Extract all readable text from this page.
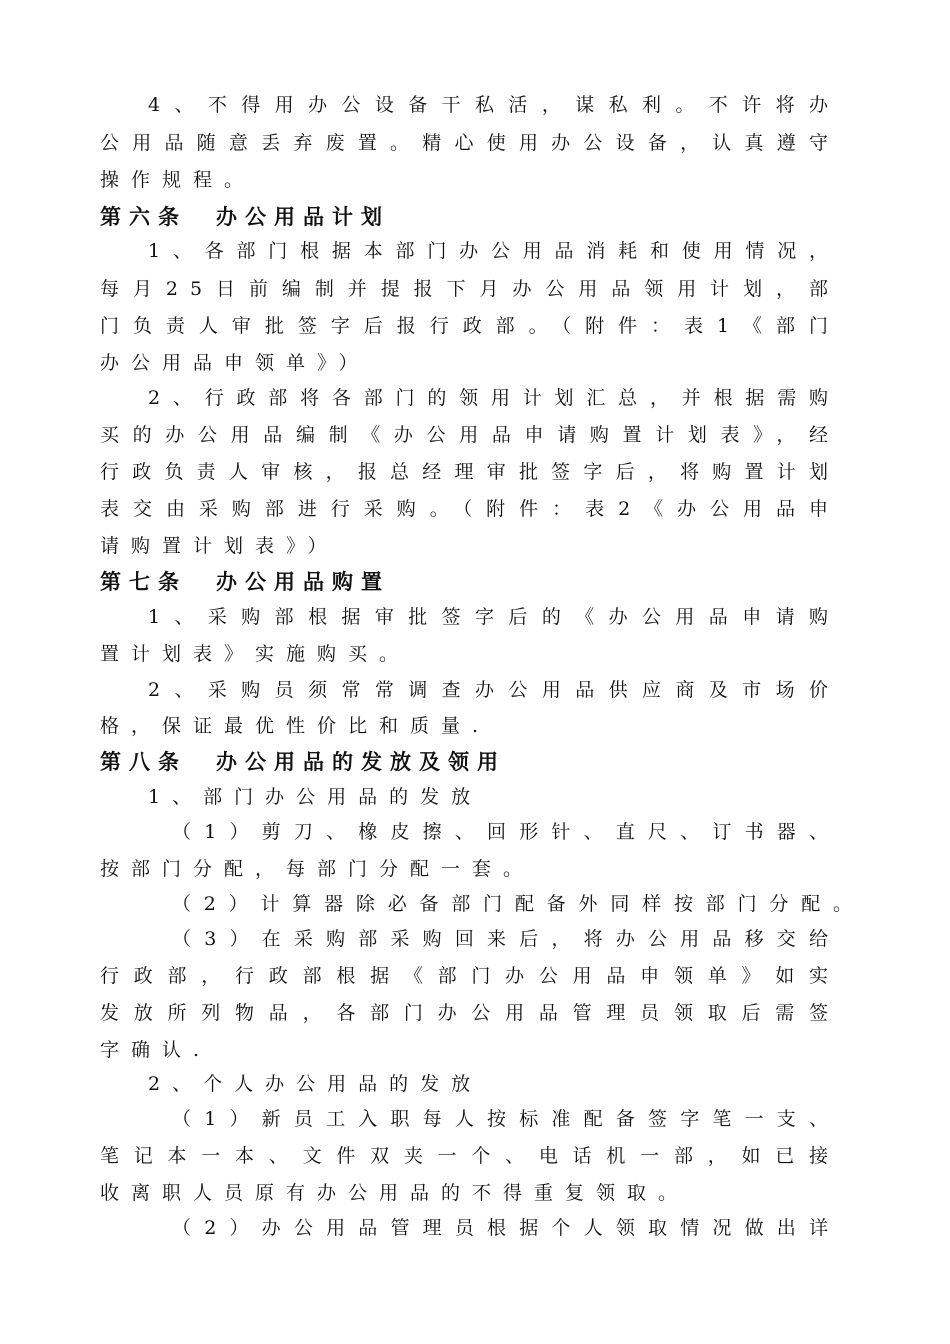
4、不得用办公设备干私活，谋私利。不许将办
公用品随意丢弃废置。精心使用办公设备，认真遵守
操作规程。
第六条　办公用品计划
1、各部门根据本部门办公用品消耗和使用情况，
每月25日前编制并提报下月办公用品领用计划，部
门负责人审批签字后报行政部。（附件：表1《部门
办公用品申领单》）
2、行政部将各部门的领用计划汇总，并根据需购
买的办公用品编制《办公用品申请购置计划表》，经
行政负责人审核，报总经理审批签字后，将购置计划
表交由采购部进行采购。（附件：表2《办公用品申
请购置计划表》）
第七条　办公用品购置
1、采购部根据审批签字后的《办公用品申请购
置计划表》实施购买。
2、采购员须常常调查办公用品供应商及市场价
格，保证最优性价比和质量.
第八条　办公用品的发放及领用
1、部门办公用品的发放
（1）剪刀、橡皮擦、回形针、直尺、订书器、
按部门分配，每部门分配一套。
（2）计算器除必备部门配备外同样按部门分配。
（3）在采购部采购回来后，将办公用品移交给
行政部，行政部根据《部门办公用品申领单》如实
发放所列物品，各部门办公用品管理员领取后需签
字确认.
2、个人办公用品的发放
（1）新员工入职每人按标准配备签字笔一支、
笔记本一本、文件双夹一个、电话机一部，如已接
收离职人员原有办公用品的不得重复领取。
（2）办公用品管理员根据个人领取情况做出详
